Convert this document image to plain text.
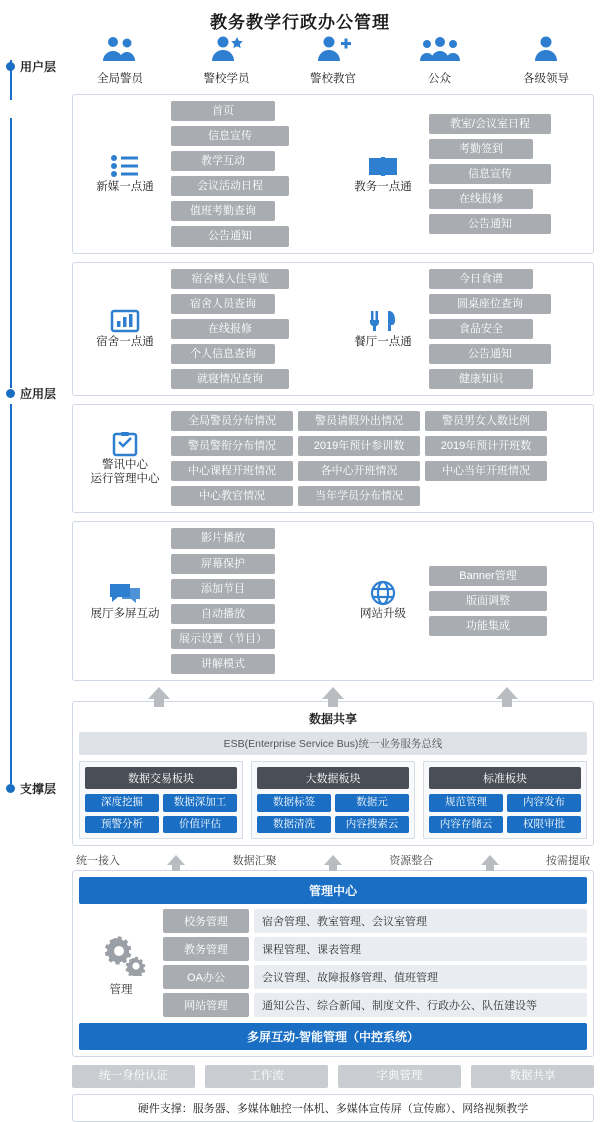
教务教学行政办公管理
用户层
应用层
支撑层
全局警员	警校学员	警校教官	公众	各级领导
新媒一点通
首页
信息宣传
教学互动
会议活动日程
值班考勤查询
公告通知
教务一点通
教室/会议室日程
考勤签到
信息宣传
在线报修
公告通知
宿舍一点通
宿舍楼入住导览
宿舍人员查询
在线报修
个人信息查询
就寝情况查询
餐厅一点通
今日食谱
圆桌座位查询
食品安全
公告通知
健康知识
警讯中心
运行管理中心
全局警员分布情况	警员请假外出情况	警员男女人数比例
警员警衔分布情况	2019年预计参训数	2019年预计开班数
中心课程开班情况	各中心开班情况	中心当年开班情况
中心教官情况	当年学员分布情况
展厅多屏互动
影片播放
屏幕保护
添加节目
自动播放
展示设置（节目）
讲解模式
网站升级
Banner管理
版面调整
功能集成
数据共享
ESB(Enterprise Service Bus)统一业务服务总线
数据交易板块
深度挖掘	数据深加工
预警分析	价值评估
大数据板块
数据标签	数据元
数据清洗	内容搜索云
标准板块
规范管理	内容发布
内容存储云	权限审批
统一接入	数据汇聚	资源整合	按需提取
管理中心
管理
校务管理	宿舍管理、教室管理、会议室管理
教务管理	课程管理、课表管理
OA办公	会议管理、故障报修管理、值班管理
网站管理	通知公告、综合新闻、制度文件、行政办公、队伍建设等
多屏互动-智能管理（中控系统）
统一身份认证	工作流	字典管理	数据共享
硬件支撑：服务器、多媒体触控一体机、多媒体宣传屏（宣传廊）、网络视频教学
